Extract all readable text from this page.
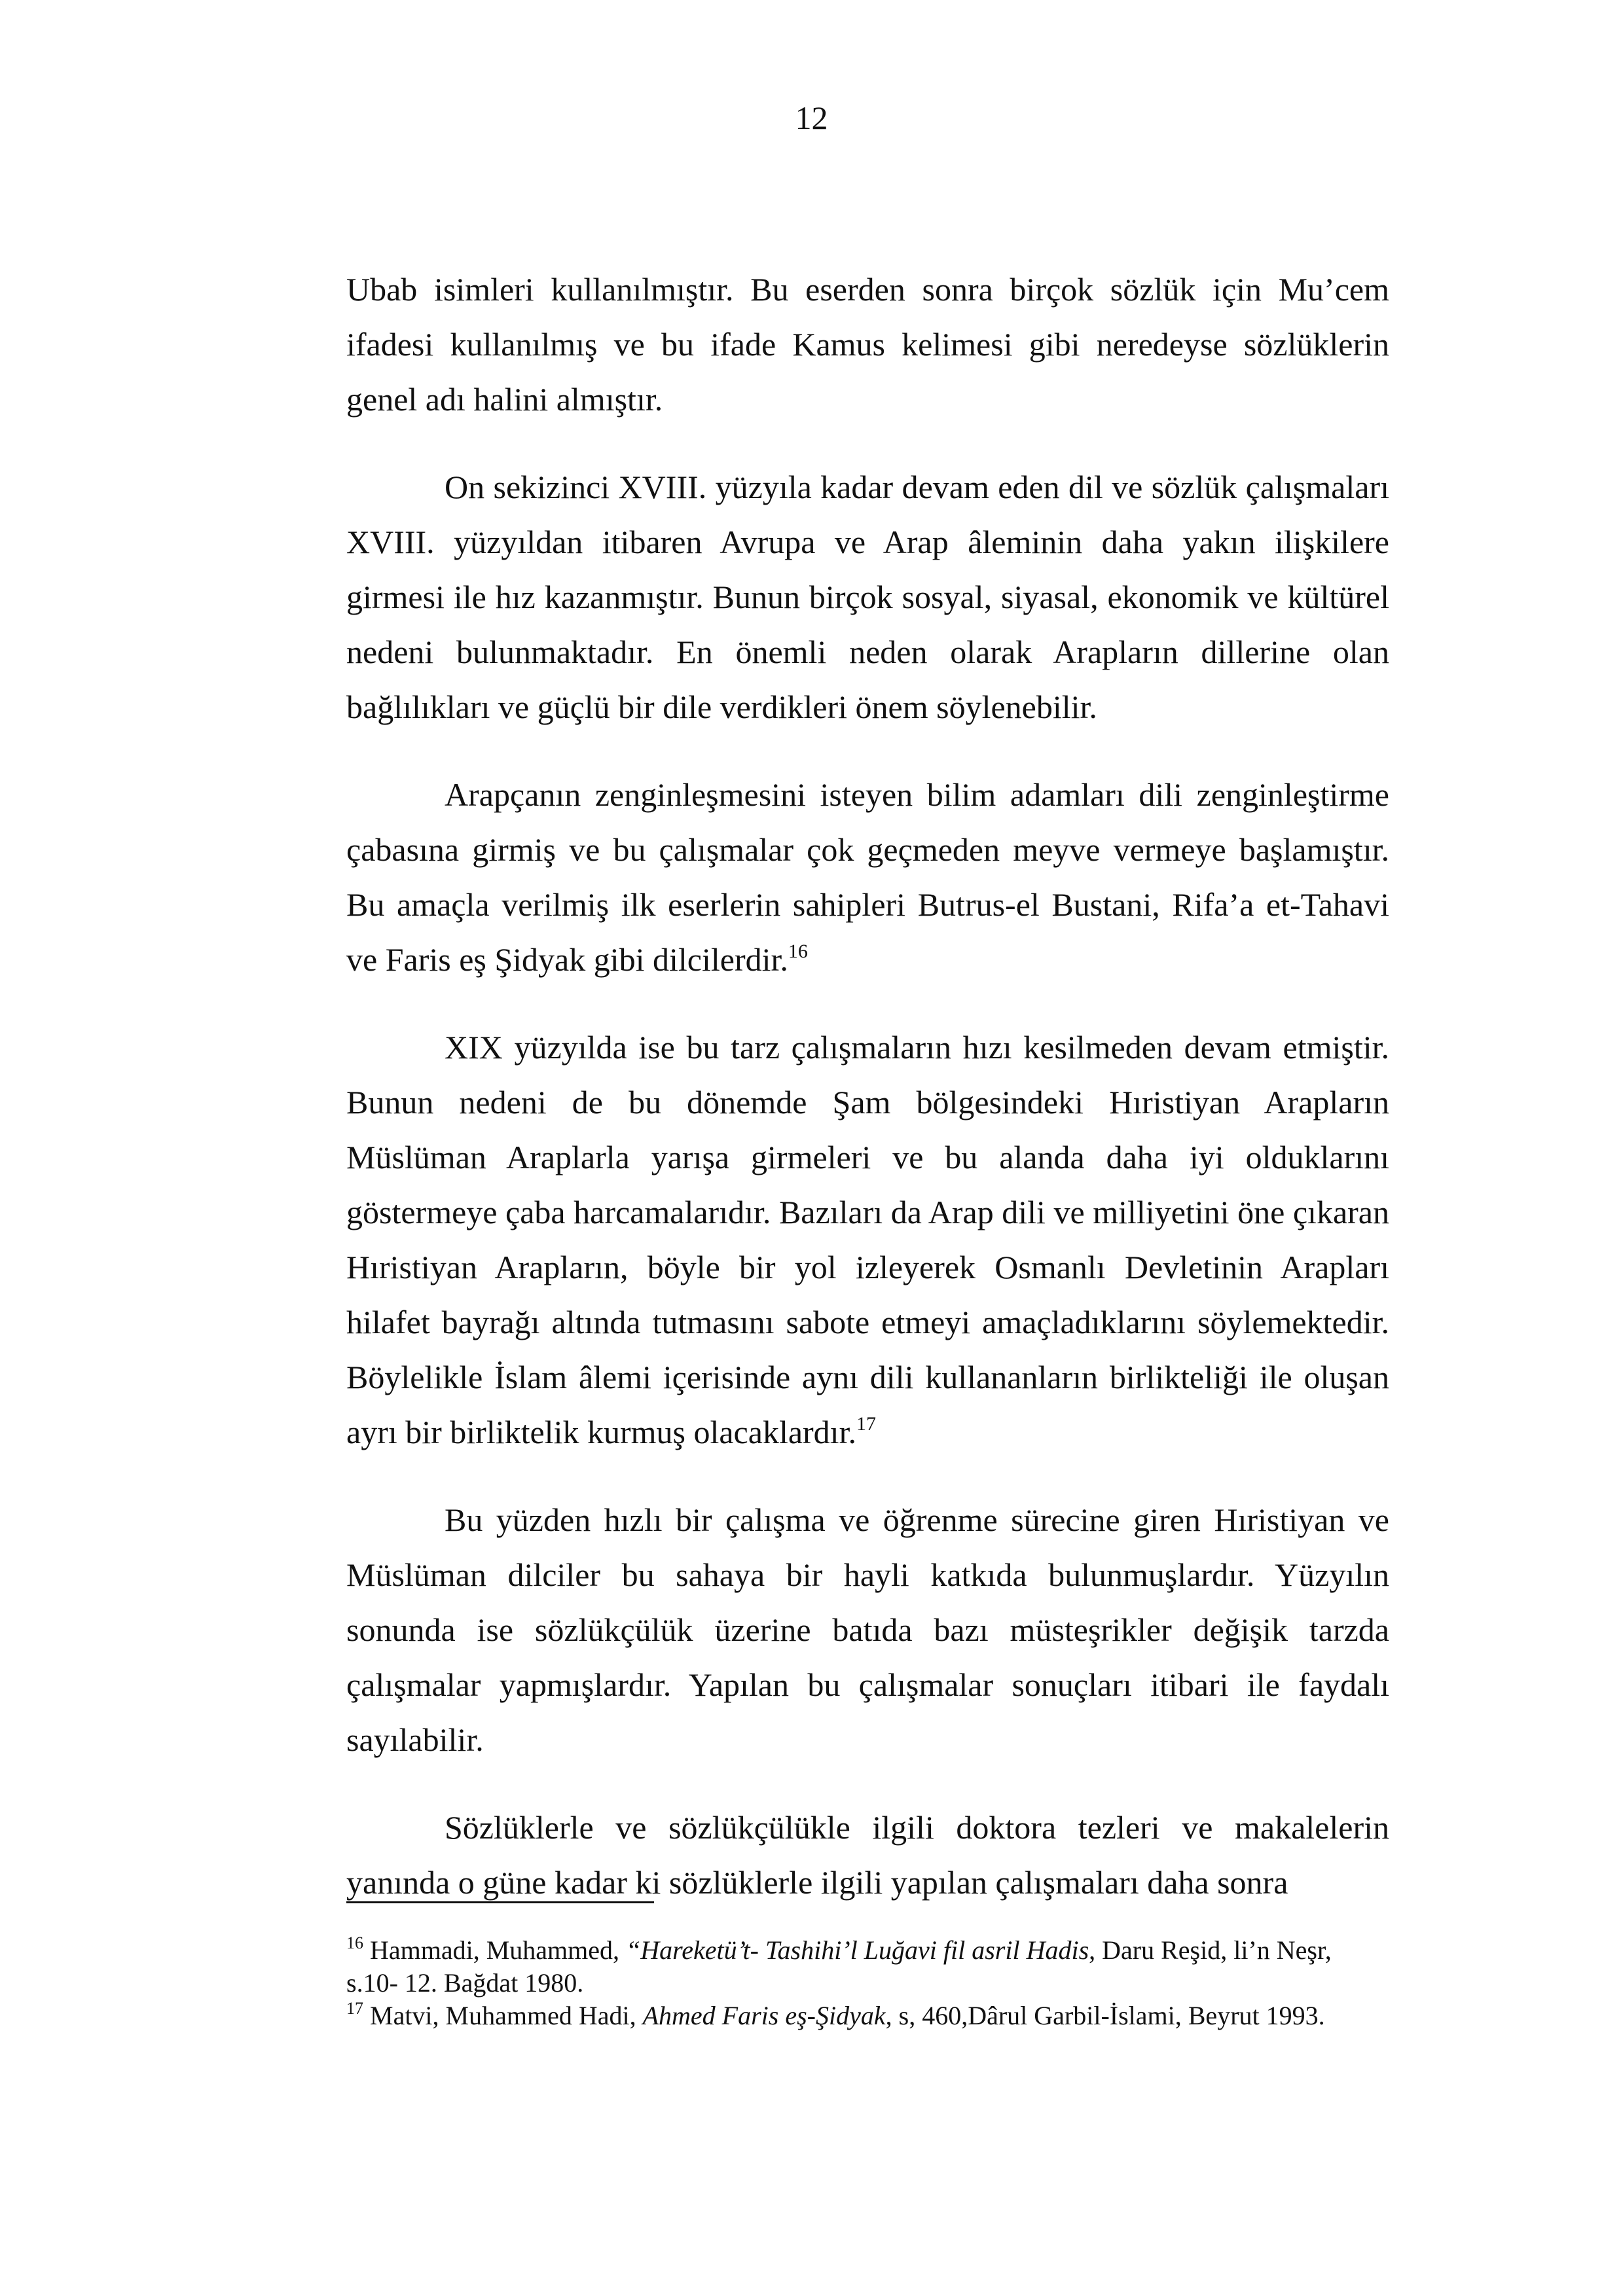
12

Ubab isimleri kullanılmıştır. Bu eserden sonra birçok sözlük için Mu’cem ifadesi kullanılmış ve bu ifade Kamus kelimesi gibi neredeyse sözlüklerin genel adı halini almıştır.

On sekizinci XVIII. yüzyıla kadar devam eden dil ve sözlük çalışmaları XVIII. yüzyıldan itibaren Avrupa ve Arap âleminin daha yakın ilişkilere girmesi ile hız kazanmıştır. Bunun birçok sosyal, siyasal, ekonomik ve kültürel nedeni bulunmaktadır. En önemli neden olarak Arapların dillerine olan bağlılıkları ve güçlü bir dile verdikleri önem söylenebilir.

Arapçanın zenginleşmesini isteyen bilim adamları dili zenginleştirme çabasına girmiş ve bu çalışmalar çok geçmeden meyve vermeye başlamıştır. Bu amaçla verilmiş ilk eserlerin sahipleri Butrus-el Bustani, Rifa’a et-Tahavi ve Faris eş Şidyak gibi dilcilerdir.$^{16}$

XIX yüzyılda ise bu tarz çalışmaların hızı kesilmeden devam etmiştir. Bunun nedeni de bu dönemde Şam bölgesindeki Hıristiyan Arapların Müslüman Araplarla yarışa girmeleri ve bu alanda daha iyi olduklarını göstermeye çaba harcamalarıdır. Bazıları da Arap dili ve milliyetini öne çıkaran Hıristiyan Arapların, böyle bir yol izleyerek Osmanlı Devletinin Arapları hilafet bayrağı altında tutmasını sabote etmeyi amaçladıklarını söylemektedir. Böylelikle İslam âlemi içerisinde aynı dili kullananların birlikteliği ile oluşan ayrı bir birliktelik kurmuş olacaklardır.$^{17}$

Bu yüzden hızlı bir çalışma ve öğrenme sürecine giren Hıristiyan ve Müslüman dilciler bu sahaya bir hayli katkıda bulunmuşlardır. Yüzyılın sonunda ise sözlükçülük üzerine batıda bazı müsteşrikler değişik tarzda çalışmalar yapmışlardır. Yapılan bu çalışmalar sonuçları itibari ile faydalı sayılabilir.

Sözlüklerle ve sözlükçülükle ilgili doktora tezleri ve makalelerin yanında o güne kadar ki sözlüklerle ilgili yapılan çalışmaları daha sonra

$^{16}$ Hammadi, Muhammed, “Hareketü’t- Tashihi’l Luğavi fil asril Hadis, Daru Reşid, li’n Neşr, s.10- 12. Bağdat 1980.

$^{17}$ Matvi, Muhammed Hadi, Ahmed Faris eş-Şidyak, s, 460,Dârul Garbil-İslami, Beyrut 1993.
